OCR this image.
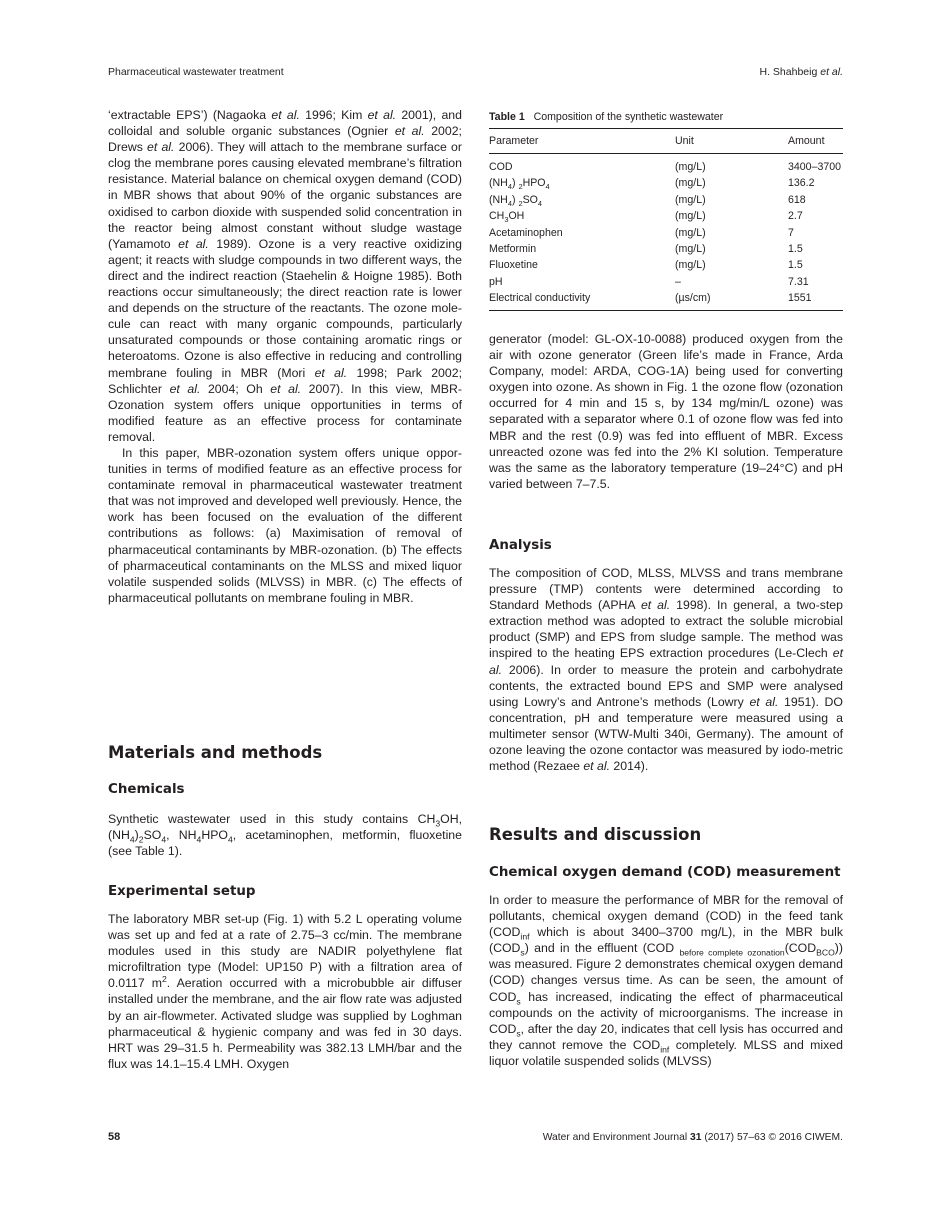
Pharmaceutical wastewater treatment	H. Shahbeig et al.

‘extractable EPS’) (Nagaoka et al. 1996; Kim et al. 2001), and colloidal and soluble organic substances (Ognier et al. 2002; Drews et al. 2006). They will attach to the membrane surface or clog the membrane pores causing elevated membrane’s filtration resistance. Material balance on chemical oxygen demand (COD) in MBR shows that about 90% of the organic substances are oxidised to carbon dioxide with suspended solid concentration in the reactor being almost constant without sludge wastage (Yamamoto et al. 1989). Ozone is a very reactive oxidizing agent; it reacts with sludge compounds in two different ways, the direct and the indirect reaction (Staehelin & Hoigne 1985). Both reactions occur simultaneously; the direct reaction rate is lower and depends on the structure of the reactants. The ozone molecule can react with many organic compounds, particularly unsaturated compounds or those containing aromatic rings or heteroatoms. Ozone is also effective in reducing and controlling membrane fouling in MBR (Mori et al. 1998; Park 2002; Schlichter et al. 2004; Oh et al. 2007). In this view, MBR-Ozonation system offers unique opportunities in terms of modified feature as an effective process for contaminate removal.

In this paper, MBR-ozonation system offers unique opportunities in terms of modified feature as an effective process for contaminate removal in pharmaceutical wastewater treatment that was not improved and developed well previously. Hence, the work has been focused on the evaluation of the different contributions as follows: (a) Maximisation of removal of pharmaceutical contaminants by MBR-ozonation. (b) The effects of pharmaceutical contaminants on the MLSS and mixed liquor volatile suspended solids (MLVSS) in MBR. (c) The effects of pharmaceutical pollutants on membrane fouling in MBR.

Materials and methods
Chemicals

Synthetic wastewater used in this study contains $CH_3OH$, $(NH_4)_2SO_4$, $NH_4HPO_4$, acetaminophen, metformin, fluoxetine (see Table 1).

Experimental setup

The laboratory MBR set-up (Fig. 1) with 5.2 L operating volume was set up and fed at a rate of 2.75–3 cc/min. The membrane modules used in this study are NADIR polyethylene flat microfiltration type (Model: UP150 P) with a filtration area of 0.0117 $m^2$. Aeration occurred with a microbubble air diffuser installed under the membrane, and the air flow rate was adjusted by an air-flowmeter. Activated sludge was supplied by Loghman pharmaceutical & hygienic company and was fed in 30 days. HRT was 29–31.5 h. Permeability was 382.13 LMH/bar and the flux was 14.1–15.4 LMH. Oxygen

Table 1 Composition of the synthetic wastewater
Parameter	Unit	Amount

COD	(mg/L)	3400–3700
$(NH_4)$ $_2HPO_4$	(mg/L)	136.2
$(NH_4)$ $_2SO_4$	(mg/L)	618
$CH_3OH$	(mg/L)	2.7
Acetaminophen	(mg/L)	7
Metformin	(mg/L)	1.5
Fluoxetine	(mg/L)	1.5
pH	–	7.31
Electrical conductivity	(µs/cm)	1551

generator (model: GL-OX-10-0088) produced oxygen from the air with ozone generator (Green life’s made in France, Arda Company, model: ARDA, COG-1A) being used for converting oxygen into ozone. As shown in Fig. 1 the ozone flow (ozonation occurred for 4 min and 15 s, by 134 mg/min/L ozone) was separated with a separator where 0.1 of ozone flow was fed into MBR and the rest (0.9) was fed into effluent of MBR. Excess unreacted ozone was fed into the 2% KI solution. Temperature was the same as the laboratory temperature (19–24°C) and pH varied between 7–7.5.

Analysis

The composition of COD, MLSS, MLVSS and trans membrane pressure (TMP) contents were determined according to Standard Methods (APHA et al. 1998). In general, a two-step extraction method was adopted to extract the soluble microbial product (SMP) and EPS from sludge sample. The method was inspired to the heating EPS extraction procedures (Le-Clech et al. 2006). In order to measure the protein and carbohydrate contents, the extracted bound EPS and SMP were analysed using Lowry’s and Antrone’s methods (Lowry et al. 1951). DO concentration, pH and temperature were measured using a multimeter sensor (WTW-Multi 340i, Germany). The amount of ozone leaving the ozone contactor was measured by iodo-metric method (Rezaee et al. 2014).

Results and discussion
Chemical oxygen demand (COD) measurement

In order to measure the performance of MBR for the removal of pollutants, chemical oxygen demand (COD) in the feed tank ($COD_{inf}$ which is about 3400–3700 mg/L), in the MBR bulk $(COD_s)$ and in the effluent (COD $_{before complete ozonation}(COD_{BCO})$) was measured. Figure 2 demonstrates chemical oxygen demand (COD) changes versus time. As can be seen, the amount of $COD_s$ has increased, indicating the effect of pharmaceutical compounds on the activity of microorganisms. The increase in $COD_s$, after the day 20, indicates that cell lysis has occurred and they cannot remove the $COD_{inf}$ completely. MLSS and mixed liquor volatile suspended solids (MLVSS)

58	Water and Environment Journal 31 (2017) 57–63 © 2016 CIWEM.
